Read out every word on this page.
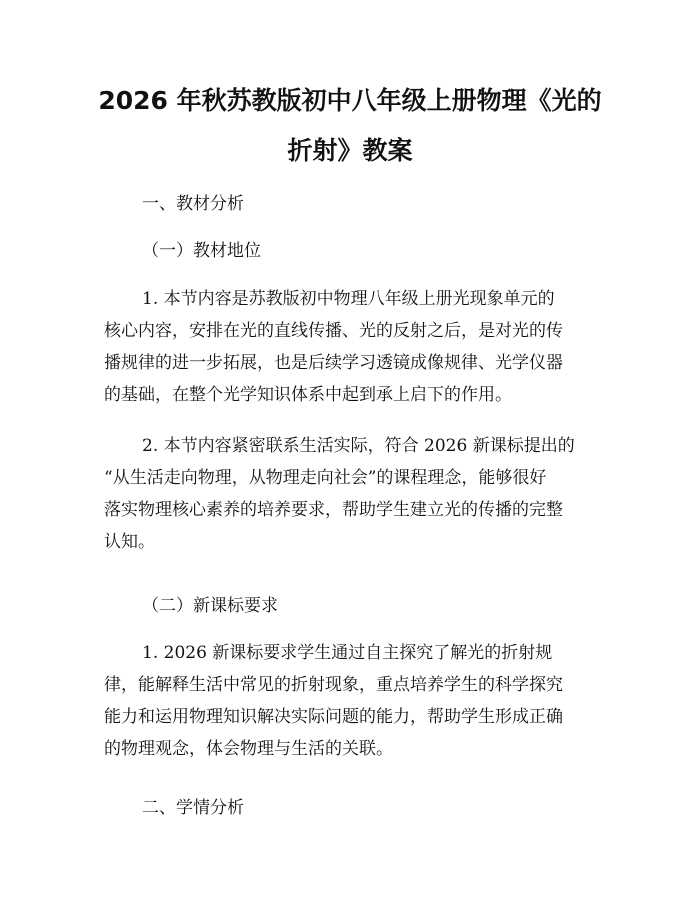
2026 年秋苏教版初中八年级上册物理《光的
折射》教案

一、教材分析

（一）教材地位

1. 本节内容是苏教版初中物理八年级上册光现象单元的
核心内容，安排在光的直线传播、光的反射之后，是对光的传
播规律的进一步拓展，也是后续学习透镜成像规律、光学仪器
的基础，在整个光学知识体系中起到承上启下的作用。
2. 本节内容紧密联系生活实际，符合 2026 新课标提出的
“从生活走向物理，从物理走向社会”的课程理念，能够很好
落实物理核心素养的培养要求，帮助学生建立光的传播的完整
认知。

（二）新课标要求

1. 2026 新课标要求学生通过自主探究了解光的折射规
律，能解释生活中常见的折射现象，重点培养学生的科学探究
能力和运用物理知识解决实际问题的能力，帮助学生形成正确
的物理观念，体会物理与生活的关联。

二、学情分析
